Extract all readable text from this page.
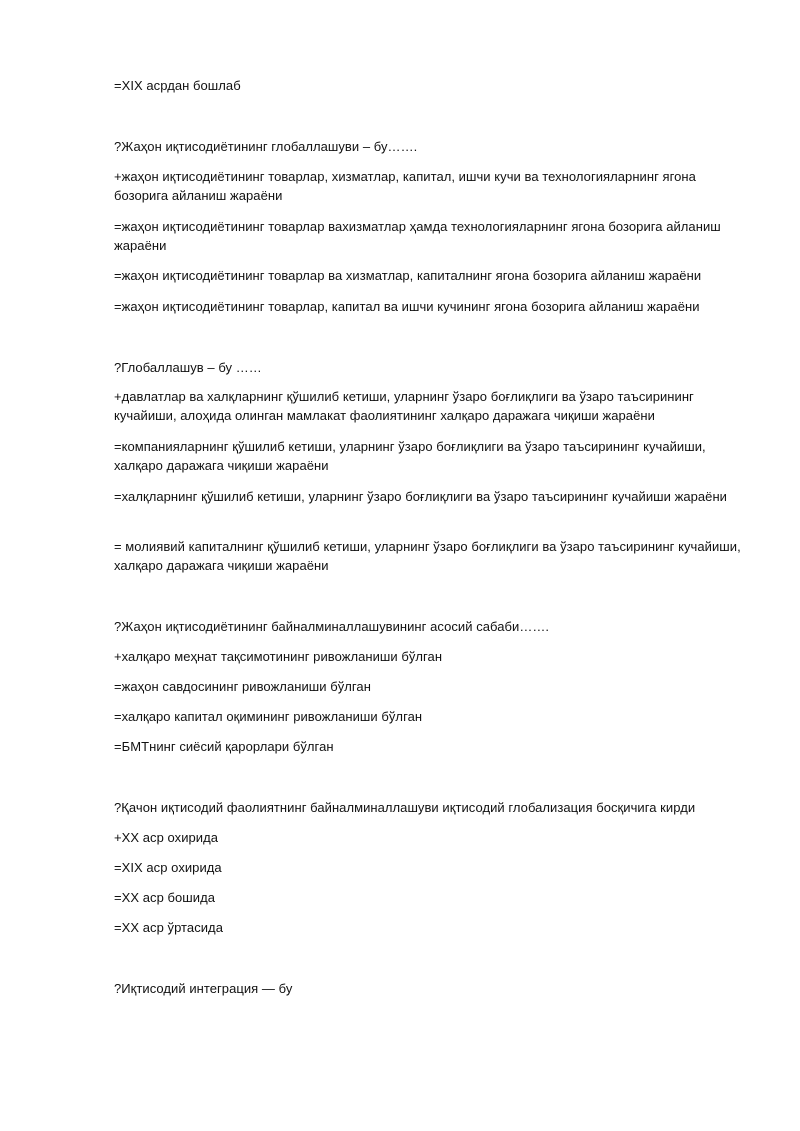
=XIX асрдан бошлаб
?Жаҳон иқтисодиётининг глобаллашуви – бу…….
+жаҳон иқтисодиётининг товарлар, хизматлар, капитал, ишчи кучи ва технологияларнинг ягона бозорига айланиш жараёни
=жаҳон иқтисодиётининг товарлар вахизматлар ҳамда технологияларнинг ягона бозорига айланиш жараёни
=жаҳон иқтисодиётининг товарлар ва хизматлар, капиталнинг ягона бозорига айланиш жараёни
=жаҳон иқтисодиётининг товарлар, капитал ва ишчи кучининг ягона бозорига айланиш жараёни
?Глобаллашув – бу ……
+давлатлар ва халқларнинг қўшилиб кетиши, уларнинг ўзаро боғлиқлиги ва ўзаро таъсирининг кучайиши, алоҳида олинган мамлакат фаолиятининг халқаро даражага чиқиши жараёни
=компанияларнинг қўшилиб кетиши, уларнинг ўзаро боғлиқлиги ва ўзаро таъсирининг кучайиши, халқаро даражага чиқиши жараёни
=халқларнинг қўшилиб кетиши, уларнинг ўзаро боғлиқлиги ва ўзаро таъсирининг кучайиши жараёни
= молиявий капиталнинг қўшилиб кетиши, уларнинг ўзаро боғлиқлиги ва ўзаро таъсирининг кучайиши, халқаро даражага чиқиши жараёни
?Жаҳон иқтисодиётининг байналминаллашувининг асосий сабаби…….
+халқаро меҳнат тақсимотининг ривожланиши бўлган
=жаҳон савдосининг ривожланиши бўлган
=халқаро капитал оқимининг ривожланиши бўлган
=БМТнинг сиёсий қарорлари бўлган
?Қачон иқтисодий фаолиятнинг байналминаллашуви иқтисодий глобализация босқичига кирди
+XX аср охирида
=XIX аср охирида
=XX аср бошида
=XX аср ўртасида
?Иқтисодий интеграция — бу
